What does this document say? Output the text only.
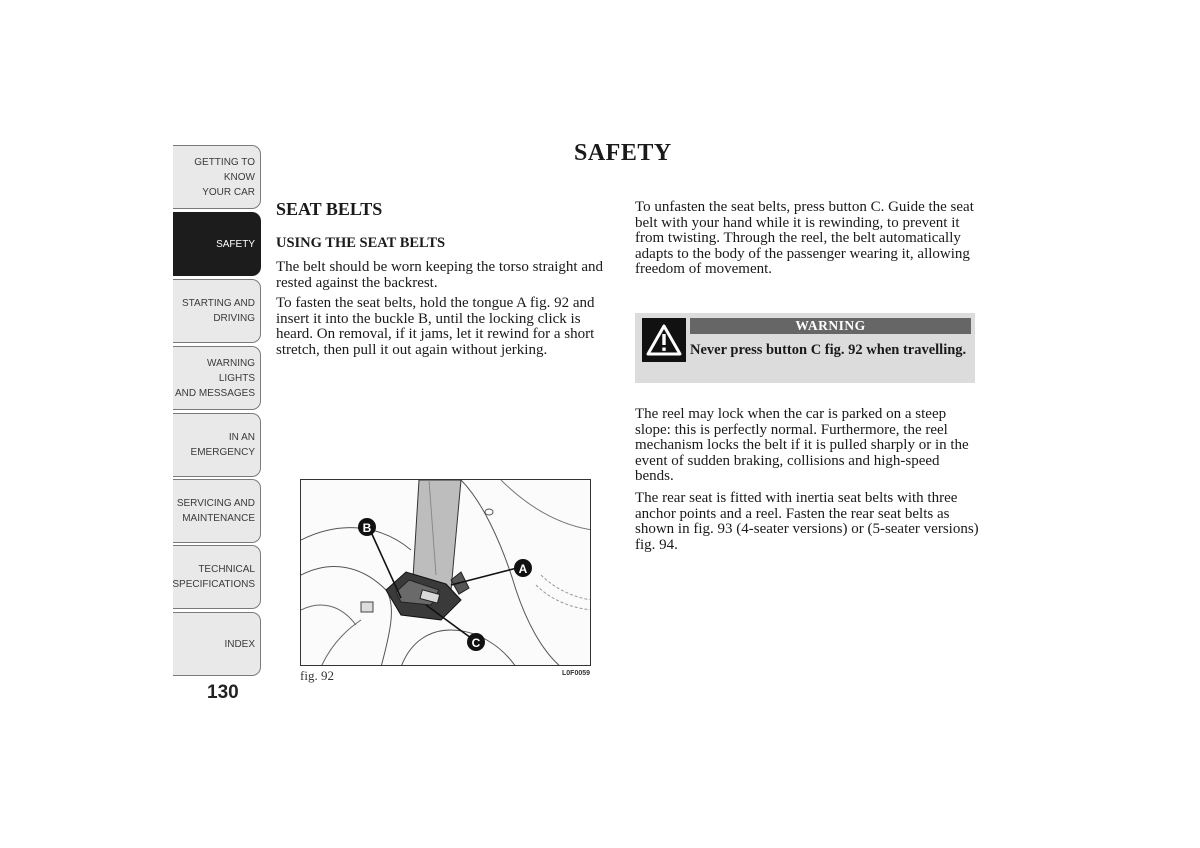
GETTING TO KNOW
YOUR CAR
SAFETY
STARTING AND
DRIVING
WARNING LIGHTS
AND MESSAGES
IN AN EMERGENCY
SERVICING AND
MAINTENANCE
TECHNICAL
SPECIFICATIONS
INDEX
130
SAFETY
SEAT BELTS
USING THE SEAT BELTS

The belt should be worn keeping the torso straight and rested against the backrest.

To fasten the seat belts, hold the tongue A fig. 92 and insert it into the buckle B, until the locking click is heard. On removal, if it jams, let it rewind for a short stretch, then pull it out again without jerking.

B
A
C
fig. 92	L0F0059

To unfasten the seat belts, press button C. Guide the seat belt with your hand while it is rewinding, to prevent it from twisting. Through the reel, the belt automatically adapts to the body of the passenger wearing it, allowing freedom of movement.

WARNING
Never press button C fig. 92 when travelling.

The reel may lock when the car is parked on a steep slope: this is perfectly normal. Furthermore, the reel mechanism locks the belt if it is pulled sharply or in the event of sudden braking, collisions and high-speed bends.

The rear seat is fitted with inertia seat belts with three anchor points and a reel. Fasten the rear seat belts as shown in fig. 93 (4-seater versions) or (5-seater versions) fig. 94.
